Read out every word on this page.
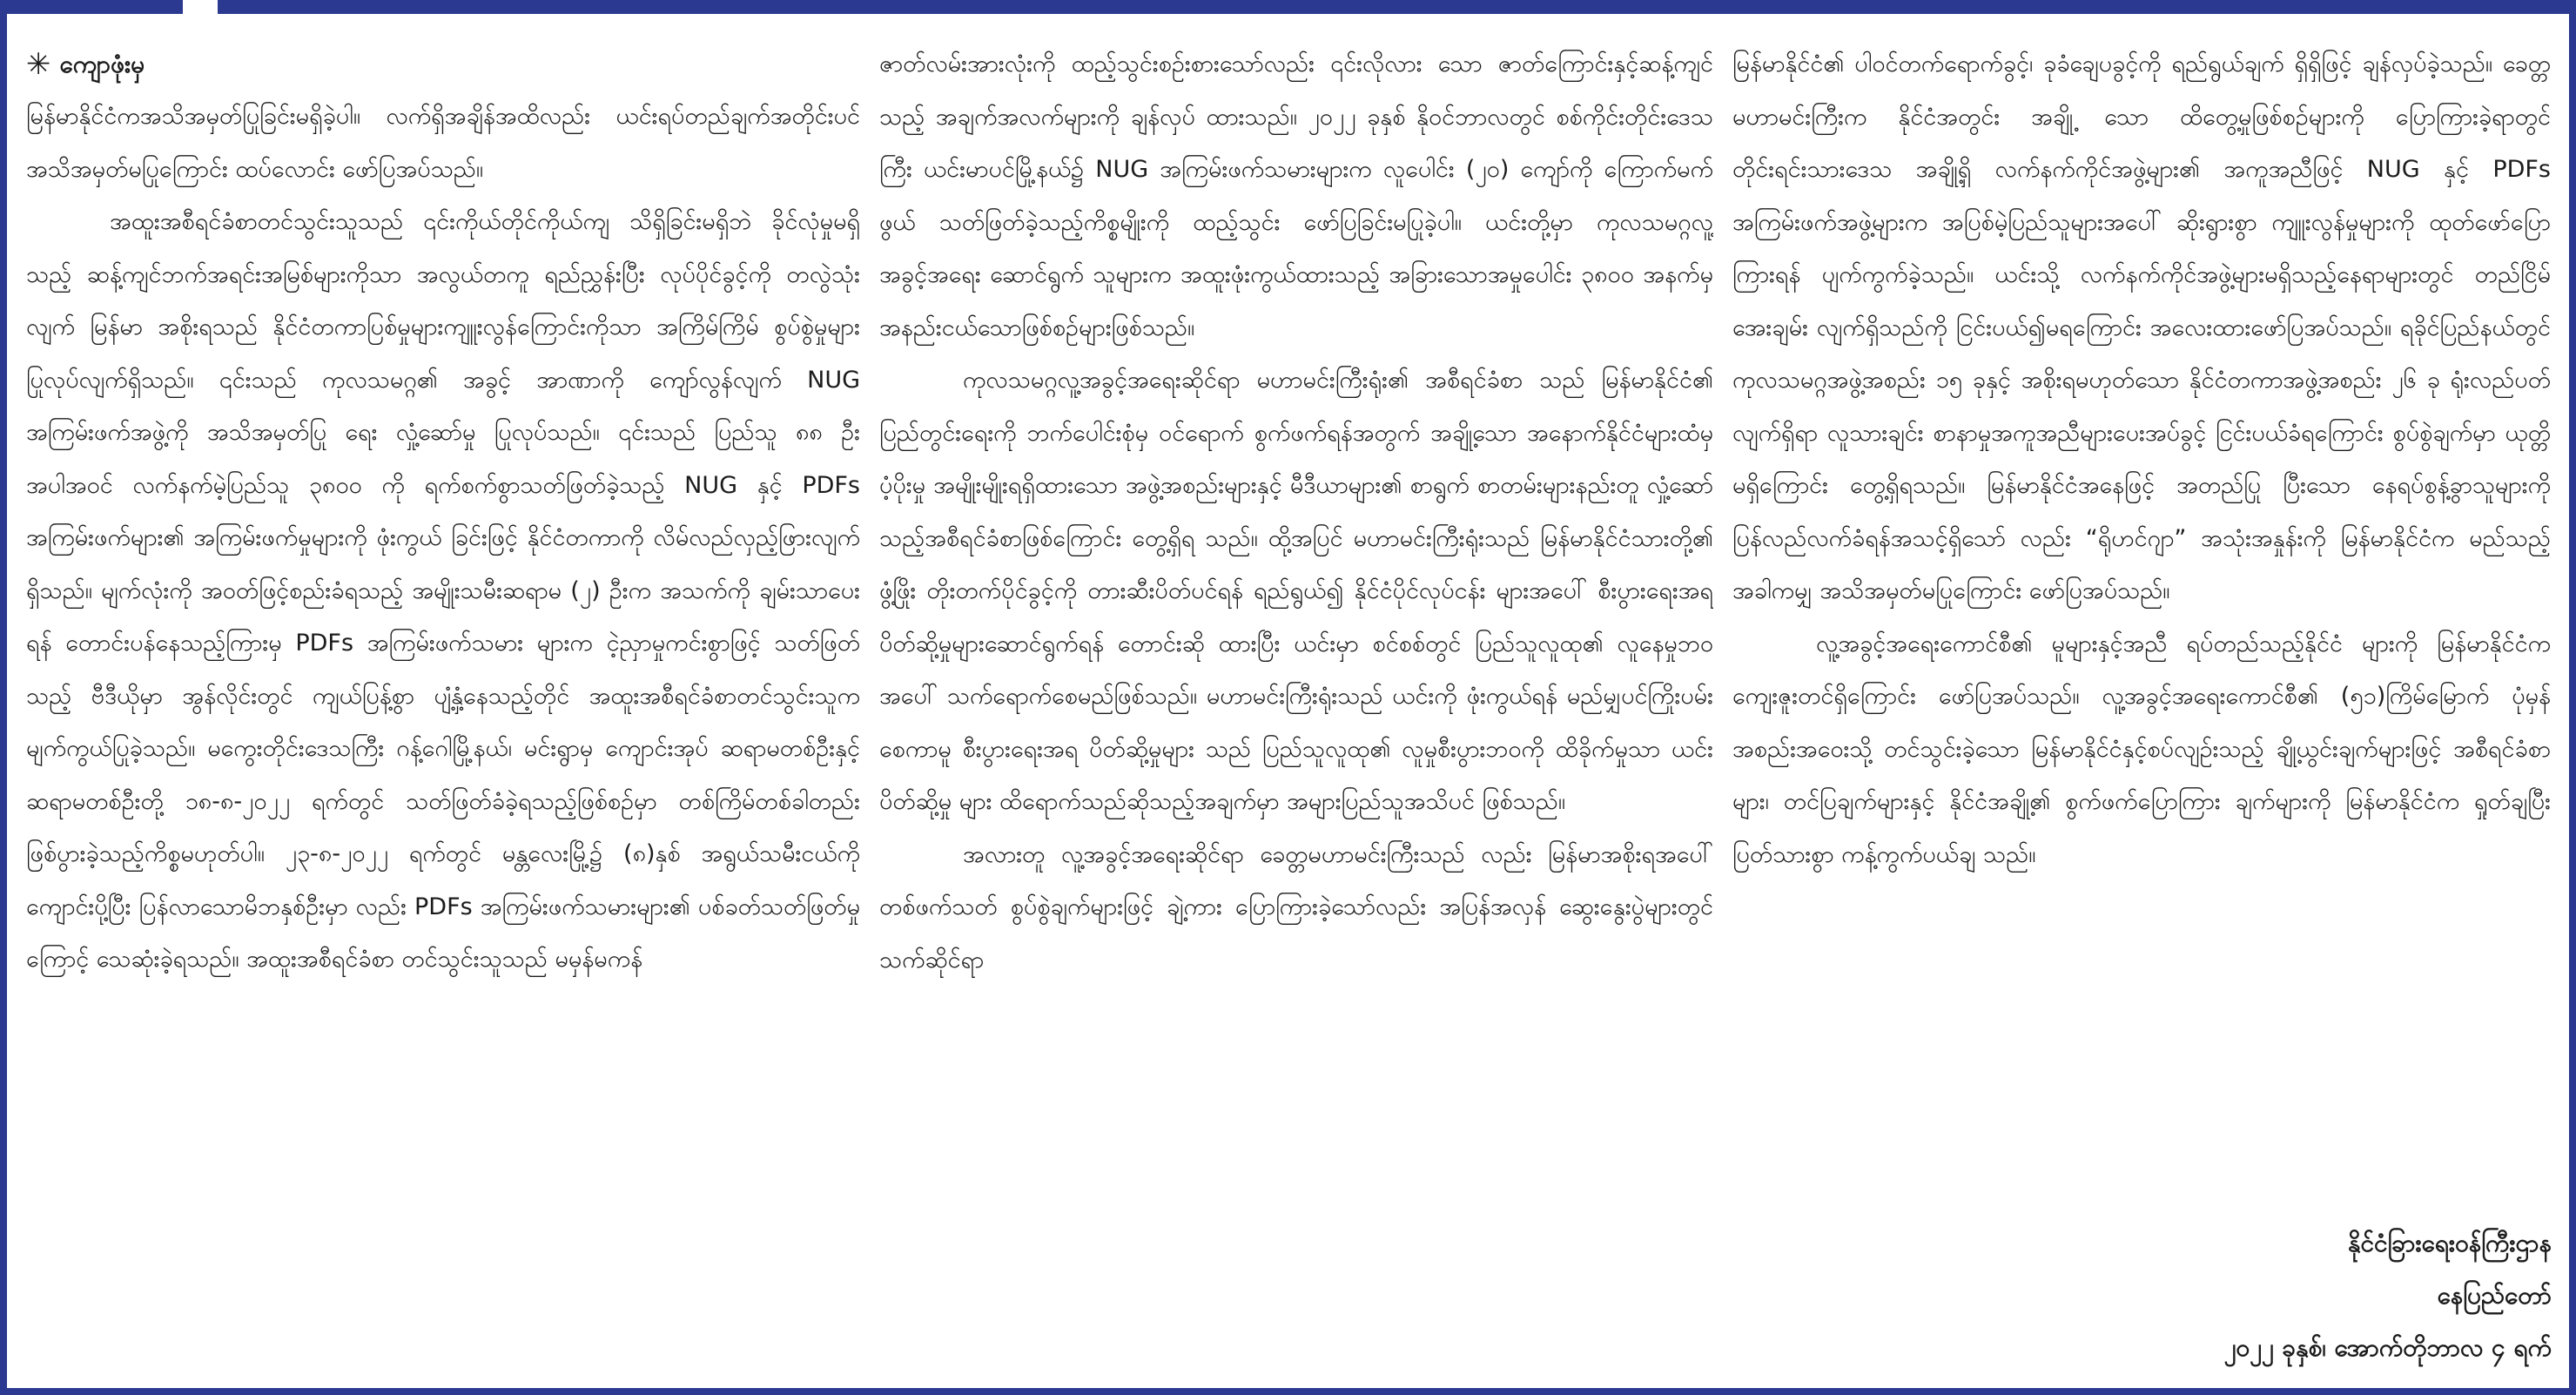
✳ ကျောဖုံးမှ

မြန်မာနိုင်ငံကအသိအမှတ်ပြုခြင်းမရှိခဲ့ပါ။ လက်ရှိအချိန်အထိလည်း ယင်းရပ်တည်ချက်အတိုင်းပင် အသိအမှတ်မပြုကြောင်း ထပ်လောင်း ဖော်ပြအပ်သည်။

အထူးအစီရင်ခံစာတင်သွင်းသူသည် ၎င်းကိုယ်တိုင်ကိုယ်ကျ သိရှိခြင်းမရှိဘဲ ခိုင်လုံမှုမရှိသည့် ဆန့်ကျင်ဘက်အရင်းအမြစ်များကိုသာ အလွယ်တကူ ရည်ညွှန်းပြီး လုပ်ပိုင်ခွင့်ကို တလွဲသုံးလျက် မြန်မာ အစိုးရသည် နိုင်ငံတကာပြစ်မှုများကျူးလွန်ကြောင်းကိုသာ အကြိမ်ကြိမ် စွပ်စွဲမှုများ ပြုလုပ်လျက်ရှိသည်။ ၎င်းသည် ကုလသမဂ္ဂ၏ အခွင့် အာဏာကို ကျော်လွန်လျက် NUG အကြမ်းဖက်အဖွဲ့ကို အသိအမှတ်ပြု ရေး လှုံ့ဆော်မှု ပြုလုပ်သည်။ ၎င်းသည် ပြည်သူ ၈၈ ဦး အပါအဝင် လက်နက်မဲ့ပြည်သူ ၃၈၀၀ ကို ရက်စက်စွာသတ်ဖြတ်ခဲ့သည့် NUG နှင့် PDFs အကြမ်းဖက်များ၏ အကြမ်းဖက်မှုများကို ဖုံးကွယ် ခြင်းဖြင့် နိုင်ငံတကာကို လိမ်လည်လှည့်ဖြားလျက်ရှိသည်။ မျက်လုံးကို အဝတ်ဖြင့်စည်းခံရသည့် အမျိုးသမီးဆရာမ (၂) ဦးက အသက်ကို ချမ်းသာပေးရန် တောင်းပန်နေသည့်ကြားမှ PDFs အကြမ်းဖက်သမား များက ငဲ့ညှာမှုကင်းစွာဖြင့် သတ်ဖြတ်သည့် ဗီဒီယိုမှာ အွန်လိုင်းတွင် ကျယ်ပြန့်စွာ ပျံ့နှံ့နေသည့်တိုင် အထူးအစီရင်ခံစာတင်သွင်းသူက မျက်ကွယ်ပြုခဲ့သည်။ မကွေးတိုင်းဒေသကြီး ဂန့်ဂေါမြို့နယ်၊ မင်းရွာမှ ကျောင်းအုပ် ဆရာမတစ်ဦးနှင့် ဆရာမတစ်ဦးတို့ ၁၈-၈-၂၀၂၂ ရက်တွင် သတ်ဖြတ်ခံခဲ့ရသည့်ဖြစ်စဉ်မှာ တစ်ကြိမ်တစ်ခါတည်း ဖြစ်ပွားခဲ့သည့်ကိစ္စမဟုတ်ပါ။ ၂၃-၈-၂၀၂၂ ရက်တွင် မန္တလေးမြို့၌ (၈)နှစ် အရွယ်သမီးငယ်ကို ကျောင်းပို့ပြီး ပြန်လာသောမိဘနှစ်ဦးမှာ လည်း PDFs အကြမ်းဖက်သမားများ၏ ပစ်ခတ်သတ်ဖြတ်မှုကြောင့် သေဆုံးခဲ့ရသည်။ အထူးအစီရင်ခံစာ တင်သွင်းသူသည် မမှန်မကန်

ဇာတ်လမ်းအားလုံးကို ထည့်သွင်းစဉ်းစားသော်လည်း ၎င်းလိုလား သော ဇာတ်ကြောင်းနှင့်ဆန့်ကျင်သည့် အချက်အလက်များကို ချန်လှပ် ထားသည်။ ၂၀၂၂ ခုနှစ် နိုဝင်ဘာလတွင် စစ်ကိုင်းတိုင်းဒေသကြီး ယင်းမာပင်မြို့နယ်၌ NUG အကြမ်းဖက်သမားများက လူပေါင်း (၂၀) ကျော်ကို ကြောက်မက်ဖွယ် သတ်ဖြတ်ခဲ့သည့်ကိစ္စမျိုးကို ထည့်သွင်း ဖော်ပြခြင်းမပြုခဲ့ပါ။ ယင်းတို့မှာ ကုလသမဂ္ဂလူ့အခွင့်အရေး ဆောင်ရွက် သူများက အထူးဖုံးကွယ်ထားသည့် အခြားသောအမှုပေါင်း ၃၈၀၀ အနက်မှ အနည်းငယ်သောဖြစ်စဉ်များဖြစ်သည်။

ကုလသမဂ္ဂလူ့အခွင့်အရေးဆိုင်ရာ မဟာမင်းကြီးရုံး၏ အစီရင်ခံစာ သည် မြန်မာနိုင်ငံ၏ ပြည်တွင်းရေးကို ဘက်ပေါင်းစုံမှ ဝင်ရောက် စွက်ဖက်ရန်အတွက် အချို့သော အနောက်နိုင်ငံများထံမှ ပံ့ပိုးမှု အမျိုးမျိုးရရှိထားသော အဖွဲ့အစည်းများနှင့် မီဒီယာများ၏ စာရွက် စာတမ်းများနည်းတူ လှုံ့ဆော်သည့်အစီရင်ခံစာဖြစ်ကြောင်း တွေ့ရှိရ သည်။ ထို့အပြင် မဟာမင်းကြီးရုံးသည် မြန်မာနိုင်ငံသားတို့၏ ဖွံ့ဖြိုး တိုးတက်ပိုင်ခွင့်ကို တားဆီးပိတ်ပင်ရန် ရည်ရွယ်၍ နိုင်ငံပိုင်လုပ်ငန်း များအပေါ် စီးပွားရေးအရ ပိတ်ဆို့မှုများဆောင်ရွက်ရန် တောင်းဆို ထားပြီး ယင်းမှာ စင်စစ်တွင် ပြည်သူလူထု၏ လူနေမှုဘဝအပေါ် သက်ရောက်စေမည်ဖြစ်သည်။ မဟာမင်းကြီးရုံးသည် ယင်းကို ဖုံးကွယ်ရန် မည်မျှပင်ကြိုးပမ်းစေကာမူ စီးပွားရေးအရ ပိတ်ဆို့မှုများ သည် ပြည်သူလူထု၏ လူမှုစီးပွားဘဝကို ထိခိုက်မှုသာ ယင်းပိတ်ဆို့မှု များ ထိရောက်သည်ဆိုသည့်အချက်မှာ အများပြည်သူအသိပင် ဖြစ်သည်။

အလားတူ လူ့အခွင့်အရေးဆိုင်ရာ ခေတ္တမဟာမင်းကြီးသည် လည်း မြန်မာအစိုးရအပေါ် တစ်ဖက်သတ် စွပ်စွဲချက်များဖြင့် ချဲ့ကား ပြောကြားခဲ့သော်လည်း အပြန်အလှန် ဆွေးနွေးပွဲများတွင် သက်ဆိုင်ရာ

မြန်မာနိုင်ငံ၏ ပါဝင်တက်ရောက်ခွင့်၊ ခုခံချေပခွင့်ကို ရည်ရွယ်ချက် ရှိရှိဖြင့် ချန်လှပ်ခဲ့သည်။ ခေတ္တမဟာမင်းကြီးက နိုင်ငံအတွင်း အချို့ သော ထိတွေ့မှုဖြစ်စဉ်များကို ပြောကြားခဲ့ရာတွင် တိုင်းရင်းသားဒေသ အချို့ရှိ လက်နက်ကိုင်အဖွဲ့များ၏ အကူအညီဖြင့် NUG နှင့် PDFs အကြမ်းဖက်အဖွဲ့များက အပြစ်မဲ့ပြည်သူများအပေါ် ဆိုးရွားစွာ ကျူးလွန်မှုများကို ထုတ်ဖော်ပြောကြားရန် ပျက်ကွက်ခဲ့သည်။ ယင်းသို့ လက်နက်ကိုင်အဖွဲ့များမရှိသည့်နေရာများတွင် တည်ငြိမ်အေးချမ်း လျက်ရှိသည်ကို ငြင်းပယ်၍မရကြောင်း အလေးထားဖော်ပြအပ်သည်။ ရခိုင်ပြည်နယ်တွင် ကုလသမဂ္ဂအဖွဲ့အစည်း ၁၅ ခုနှင့် အစိုးရမဟုတ်သော နိုင်ငံတကာအဖွဲ့အစည်း ၂၆ ခု ရုံးလည်ပတ်လျက်ရှိရာ လူသားချင်း စာနာမှုအကူအညီများပေးအပ်ခွင့် ငြင်းပယ်ခံရကြောင်း စွပ်စွဲချက်မှာ ယုတ္တိမရှိကြောင်း တွေ့ရှိရသည်။ မြန်မာနိုင်ငံအနေဖြင့် အတည်ပြု ပြီးသော နေရပ်စွန့်ခွာသူများကို ပြန်လည်လက်ခံရန်အသင့်ရှိသော် လည်း “ရိုဟင်ဂျာ” အသုံးအနှုန်းကို မြန်မာနိုင်ငံက မည်သည့်အခါကမျှ အသိအမှတ်မပြုကြောင်း ဖော်ပြအပ်သည်။

လူ့အခွင့်အရေးကောင်စီ၏ မူများနှင့်အညီ ရပ်တည်သည့်နိုင်ငံ များကို မြန်မာနိုင်ငံက ကျေးဇူးတင်ရှိကြောင်း ဖော်ပြအပ်သည်။ လူ့အခွင့်အရေးကောင်စီ၏ (၅၁)ကြိမ်မြောက် ပုံမှန်အစည်းအဝေးသို့ တင်သွင်းခဲ့သော မြန်မာနိုင်ငံနှင့်စပ်လျဉ်းသည့် ချို့ယွင်းချက်များဖြင့် အစီရင်ခံစာများ၊ တင်ပြချက်များနှင့် နိုင်ငံအချို့၏ စွက်ဖက်ပြောကြား ချက်များကို မြန်မာနိုင်ငံက ရှုတ်ချပြီး ပြတ်သားစွာ ကန့်ကွက်ပယ်ချ သည်။

နိုင်ငံခြားရေးဝန်ကြီးဌာန
နေပြည်တော်
၂၀၂၂ ခုနှစ်၊ အောက်တိုဘာလ ၄ ရက်
